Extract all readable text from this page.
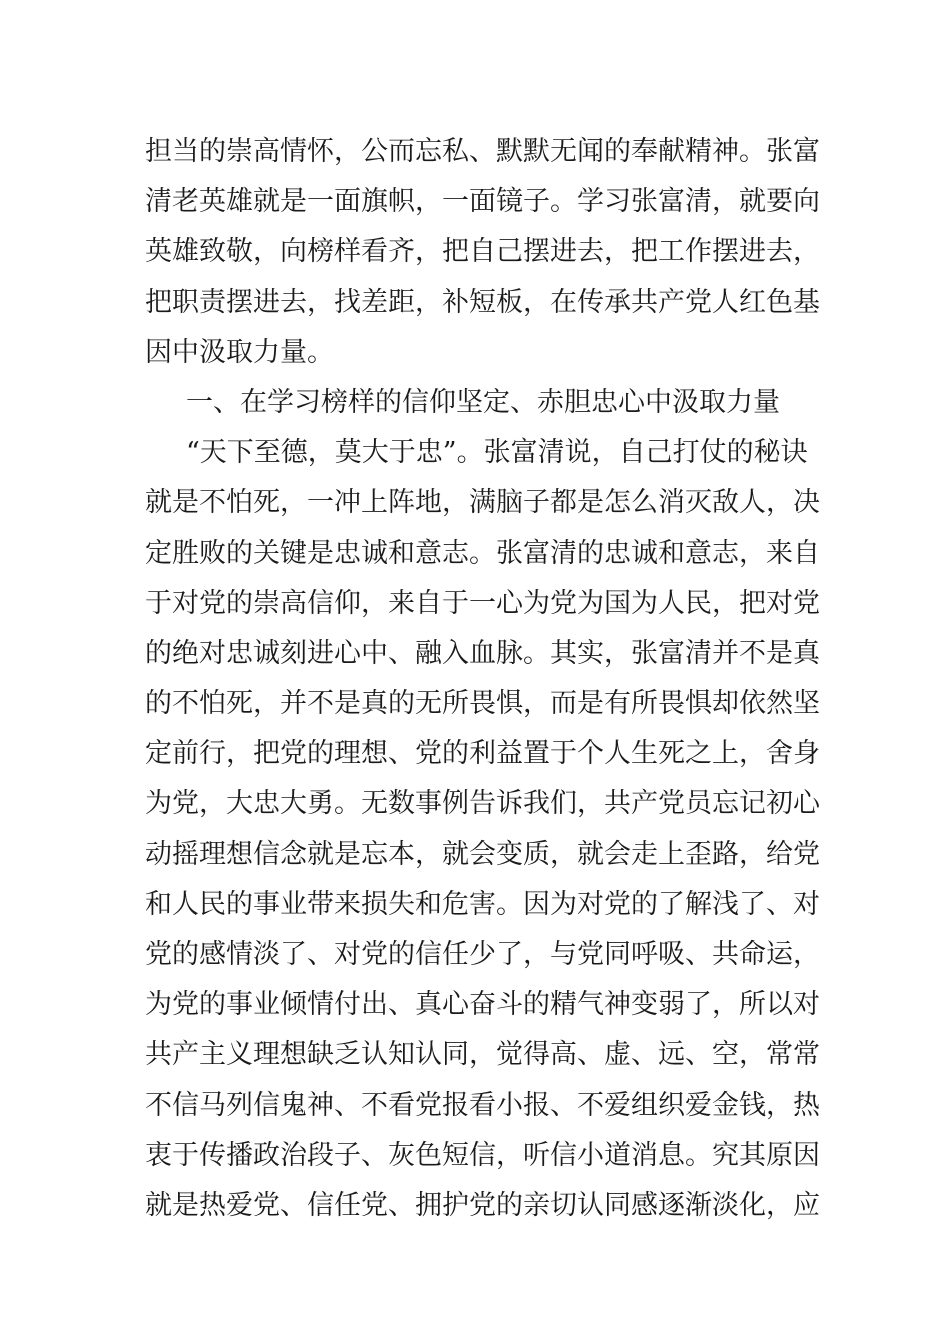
担当的崇高情怀，公而忘私、默默无闻的奉献精神。张富
清老英雄就是一面旗帜，一面镜子。学习张富清，就要向
英雄致敬，向榜样看齐，把自己摆进去，把工作摆进去，
把职责摆进去，找差距，补短板，在传承共产党人红色基
因中汲取力量。
一、在学习榜样的信仰坚定、赤胆忠心中汲取力量
“天下至德，莫大于忠”。张富清说，自己打仗的秘诀
就是不怕死，一冲上阵地，满脑子都是怎么消灭敌人，决
定胜败的关键是忠诚和意志。张富清的忠诚和意志，来自
于对党的崇高信仰，来自于一心为党为国为人民，把对党
的绝对忠诚刻进心中、融入血脉。其实，张富清并不是真
的不怕死，并不是真的无所畏惧，而是有所畏惧却依然坚
定前行，把党的理想、党的利益置于个人生死之上，舍身
为党，大忠大勇。无数事例告诉我们，共产党员忘记初心
动摇理想信念就是忘本，就会变质，就会走上歪路，给党
和人民的事业带来损失和危害。因为对党的了解浅了、对
党的感情淡了、对党的信任少了，与党同呼吸、共命运，
为党的事业倾情付出、真心奋斗的精气神变弱了，所以对
共产主义理想缺乏认知认同，觉得高、虚、远、空，常常
不信马列信鬼神、不看党报看小报、不爱组织爱金钱，热
衷于传播政治段子、灰色短信，听信小道消息。究其原因
就是热爱党、信任党、拥护党的亲切认同感逐渐淡化，应
